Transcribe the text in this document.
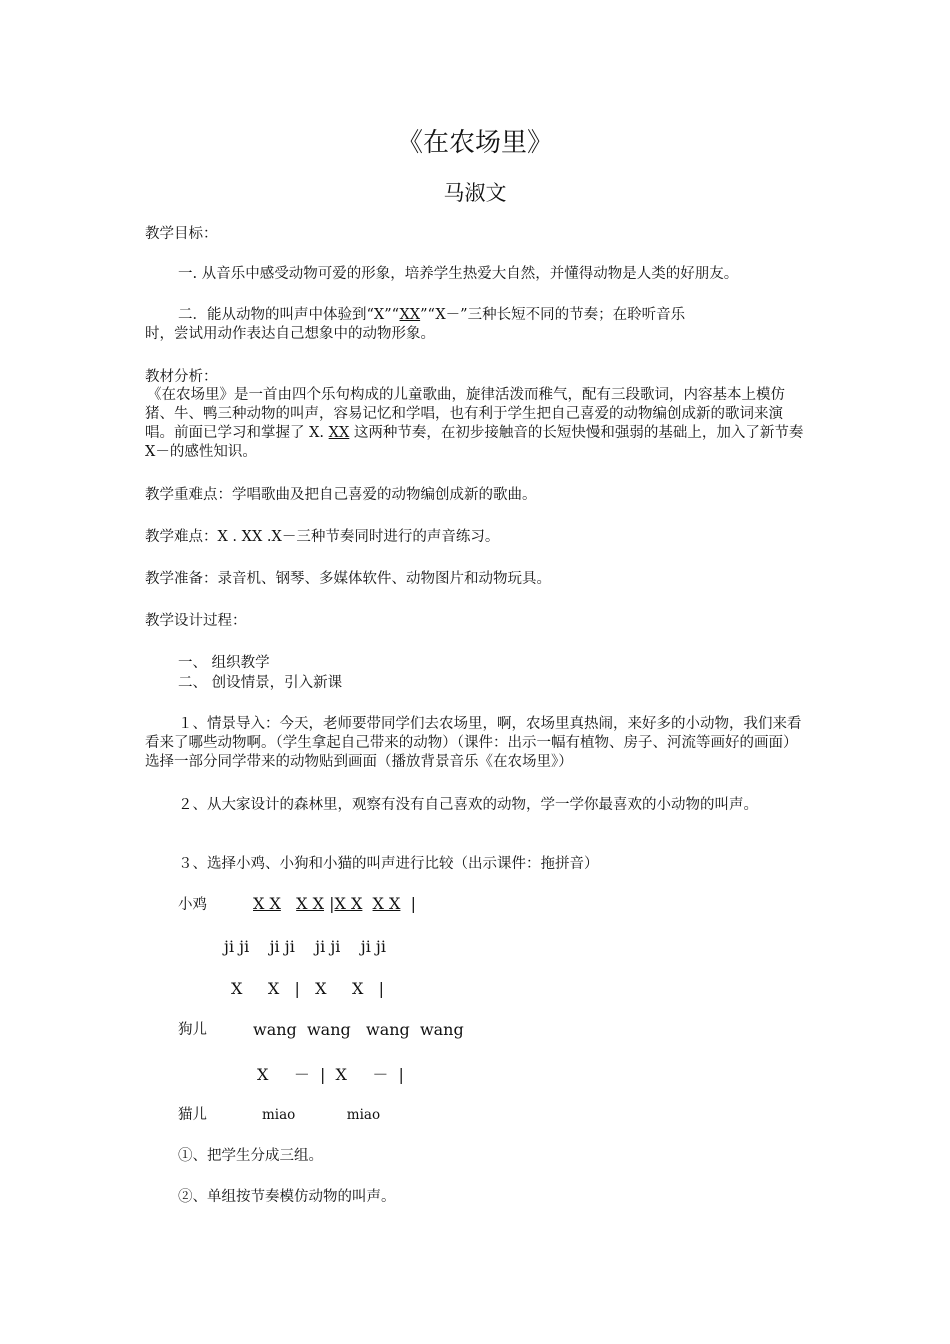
《在农场里》
马淑文
教学目标：
一. 从音乐中感受动物可爱的形象，培养学生热爱大自然，并懂得动物是人类的好朋友。
二．能从动物的叫声中体验到“X”“XX”“X－”三种长短不同的节奏；在聆听音乐
时，尝试用动作表达自己想象中的动物形象。
教材分析：
《在农场里》是一首由四个乐句构成的儿童歌曲，旋律活泼而稚气，配有三段歌词，内容基本上模仿猪、牛、鸭三种动物的叫声，容易记忆和学唱，也有利于学生把自己喜爱的动物编创成新的歌词来演唱。前面已学习和掌握了 X. XX 这两种节奏，在初步接触音的长短快慢和强弱的基础上，加入了新节奏 X－的感性知识。
教学重难点：学唱歌曲及把自己喜爱的动物编创成新的歌曲。
教学难点：X . XX .X－三种节奏同时进行的声音练习。
教学准备：录音机、钢琴、多媒体软件、动物图片和动物玩具。
教学设计过程：
一、 组织教学
二、 创设情景，引入新课
１、情景导入：今天，老师要带同学们去农场里，啊，农场里真热闹，来好多的小动物，我们来看看来了哪些动物啊。（学生拿起自己带来的动物）（课件：出示一幅有植物、房子、河流等画好的画面）选择一部分同学带来的动物贴到画面（播放背景音乐《在农场里》）
２、从大家设计的森林里，观察有没有自己喜欢的动物，学一学你最喜欢的小动物的叫声。
３、选择小鸡、小狗和小猫的叫声进行比较（出示课件：拖拼音）
小鸡	X X X X |X X X X |
ji ji    ji ji    ji ji    ji ji
X     X   |   X     X   |
狗儿	wang  wang   wang  wang
X     －  |  X     －  |
猫儿	miao            miao
①、把学生分成三组。
②、单组按节奏模仿动物的叫声。
